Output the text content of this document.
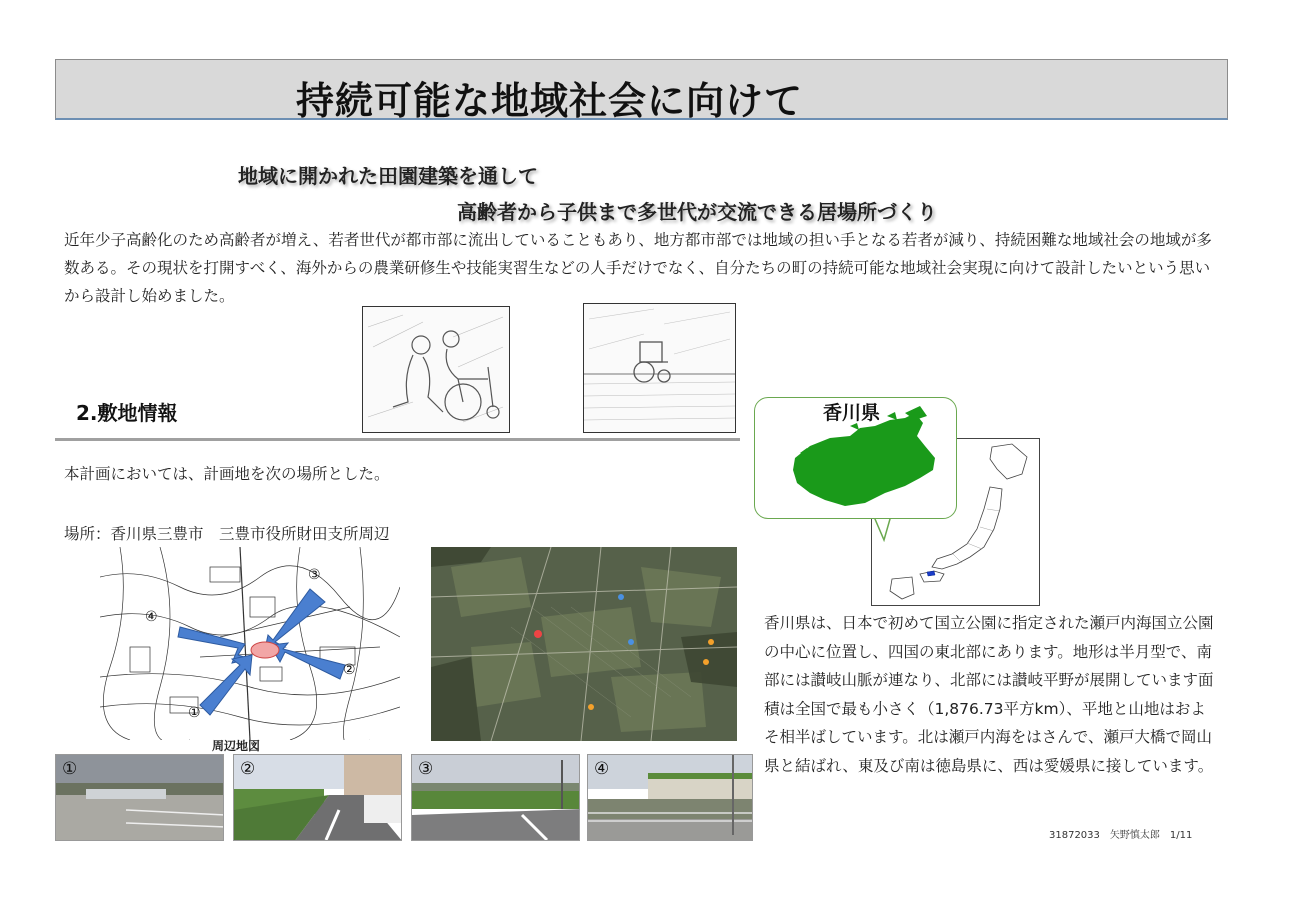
持続可能な地域社会に向けて
地域に開かれた田園建築を通して
高齢者から子供まで多世代が交流できる居場所づくり
近年少子高齢化のため高齢者が増え、若者世代が都市部に流出していることもあり、地方都市部では地域の担い手となる若者が減り、持続困難な地域社会の地域が多数ある。その現状を打開すべく、海外からの農業研修生や技能実習生などの人手だけでなく、自分たちの町の持続可能な地域社会実現に向けて設計したいという思いから設計し始めました。
2.敷地情報
本計画においては、計画地を次の場所とした。
場所：香川県三豊市　三豊市役所財田支所周辺
④
②
③
①
周辺地図
①	②	③	④
香川県
香川県は、日本で初めて国立公園に指定された瀬戸内海国立公園の中心に位置し、四国の東北部にあります。地形は半月型で、南部には讃岐山脈が連なり、北部には讃岐平野が展開しています面積は全国で最も小さく（1,876.73平方km）、平地と山地はおよそ相半ばしています。北は瀬戸内海をはさんで、瀬戸大橋で岡山県と結ばれ、東及び南は徳島県に、西は愛媛県に接しています。
31872033　矢野慎太郎　1/11
